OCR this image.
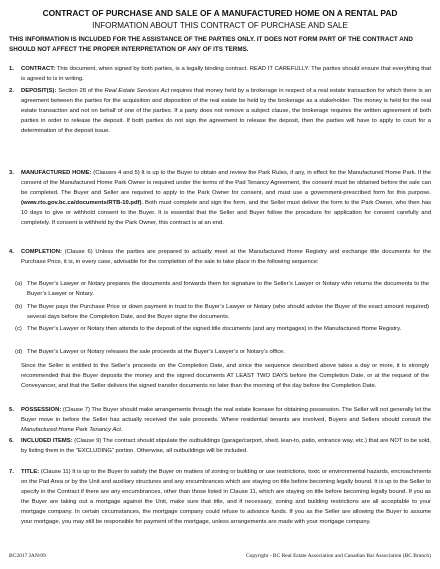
CONTRACT OF PURCHASE AND SALE OF A MANUFACTURED HOME ON A RENTAL PAD
INFORMATION ABOUT THIS CONTRACT OF PURCHASE AND SALE
THIS INFORMATION IS INCLUDED FOR THE ASSISTANCE OF THE PARTIES ONLY. IT DOES NOT FORM PART OF THE CONTRACT AND SHOULD NOT AFFECT THE PROPER INTERPRETATION OF ANY OF ITS TERMS.
1.	CONTRACT: This document, when signed by both parties, is a legally binding contract. READ IT CAREFULLY. The parties should ensure that everything that is agreed to is in writing.
2.	DEPOSIT(S): Section 28 of the Real Estate Services Act requires that money held by a brokerage in respect of a real estate transaction for which there is an agreement between the parties for the acquisition and disposition of the real estate be held by the brokerage as a stakeholder. The money is held for the real estate transaction and not on behalf of one of the parties. If a party does not remove a subject clause, the brokerage requires the written agreement of both parties in order to release the deposit. If both parties do not sign the agreement to release the deposit, then the parties will have to apply to court for a determination of the deposit issue.
3.	MANUFACTURED HOME: (Clauses 4 and 5) It is up to the Buyer to obtain and review the Park Rules, if any, in effect for the Manufactured Home Park. If the consent of the Manufactured Home Park Owner is required under the terms of the Pad Tenancy Agreement, the consent must be obtained before the sale can be completed. The Buyer and Seller are required to apply to the Park Owner for consent, and must use a government-prescribed form for this purpose. (www.rto.gov.bc.ca/documents/RTB-10.pdf). Both must complete and sign the form, and the Seller must deliver the form to the Park Owner, who then has 10 days to give or withhold consent to the Buyer. It is essential that the Seller and Buyer follow the procedure for application for consent carefully and completely. If consent is withheld by the Park Owner, this contract is at an end.
4.	COMPLETION: (Clause 6) Unless the parties are prepared to actually meet at the Manufactured Home Registry and exchange title documents for the Purchase Price, it is, in every case, advisable for the completion of the sale to take place in the following sequence:
(a) The Buyer’s Lawyer or Notary prepares the documents and forwards them for signature to the Seller’s Lawyer or Notary who returns the documents to the Buyer’s Lawyer or Notary.
(b) The Buyer pays the Purchase Price or down payment in trust to the Buyer’s Lawyer or Notary (who should advise the Buyer of the exact amount required) several days before the Completion Date, and the Buyer signs the documents.
(c) The Buyer’s Lawyer or Notary then attends to the deposit of the signed title documents (and any mortgages) in the Manufactured Home Registry.
(d) The Buyer’s Lawyer or Notary releases the sale proceeds at the Buyer’s Lawyer’s or Notary’s office.
Since the Seller is entitled to the Seller’s proceeds on the Completion Date, and since the sequence described above takes a day or more, it is strongly recommended that the Buyer deposits the money and the signed documents AT LEAST TWO DAYS before the Completion Date, or at the request of the Conveyancer, and that the Seller delivers the signed transfer documents no later than the morning of the day before the Completion Date.
5.	POSSESSION: (Clause 7) The Buyer should make arrangements through the real estate licensee for obtaining possession. The Seller will not generally let the Buyer move in before the Seller has actually received the sale proceeds. Where residential tenants are involved, Buyers and Sellers should consult the Manufactured Home Park Tenancy Act.
6.	INCLUDED ITEMS: (Clause 9) The contract should stipulate the outbuildings (garage/carport, shed, lean-to, patio, entrance way, etc.) that are NOT to be sold, by listing them in the “EXCLUDING” portion. Otherwise, all outbuildings will be included.
7.	TITLE: (Clause 11) It is up to the Buyer to satisfy the Buyer on matters of zoning or building or use restrictions, toxic or environmental hazards, encroachments on the Pad Area or by the Unit and auxiliary structures and any encumbrances which are staying on title before becoming legally bound. It is up to the Seller to specify in the Contract if there are any encumbrances, other than those listed in Clause 11, which are staying on title before becoming legally bound. If you as the Buyer are taking out a mortgage against the Unit, make sure that title, and if necessary, zoning and building restrictions are all acceptable to your mortgage company. In certain circumstances, the mortgage company could refuse to advance funds. If you as the Seller are allowing the Buyer to assume your mortgage, you may still be responsible for payment of the mortgage, unless arrangements are made with your mortgage company.
BC2017 JAN/09	Copyright - BC Real Estate Association and Canadian Bar Association (BC Branch)
